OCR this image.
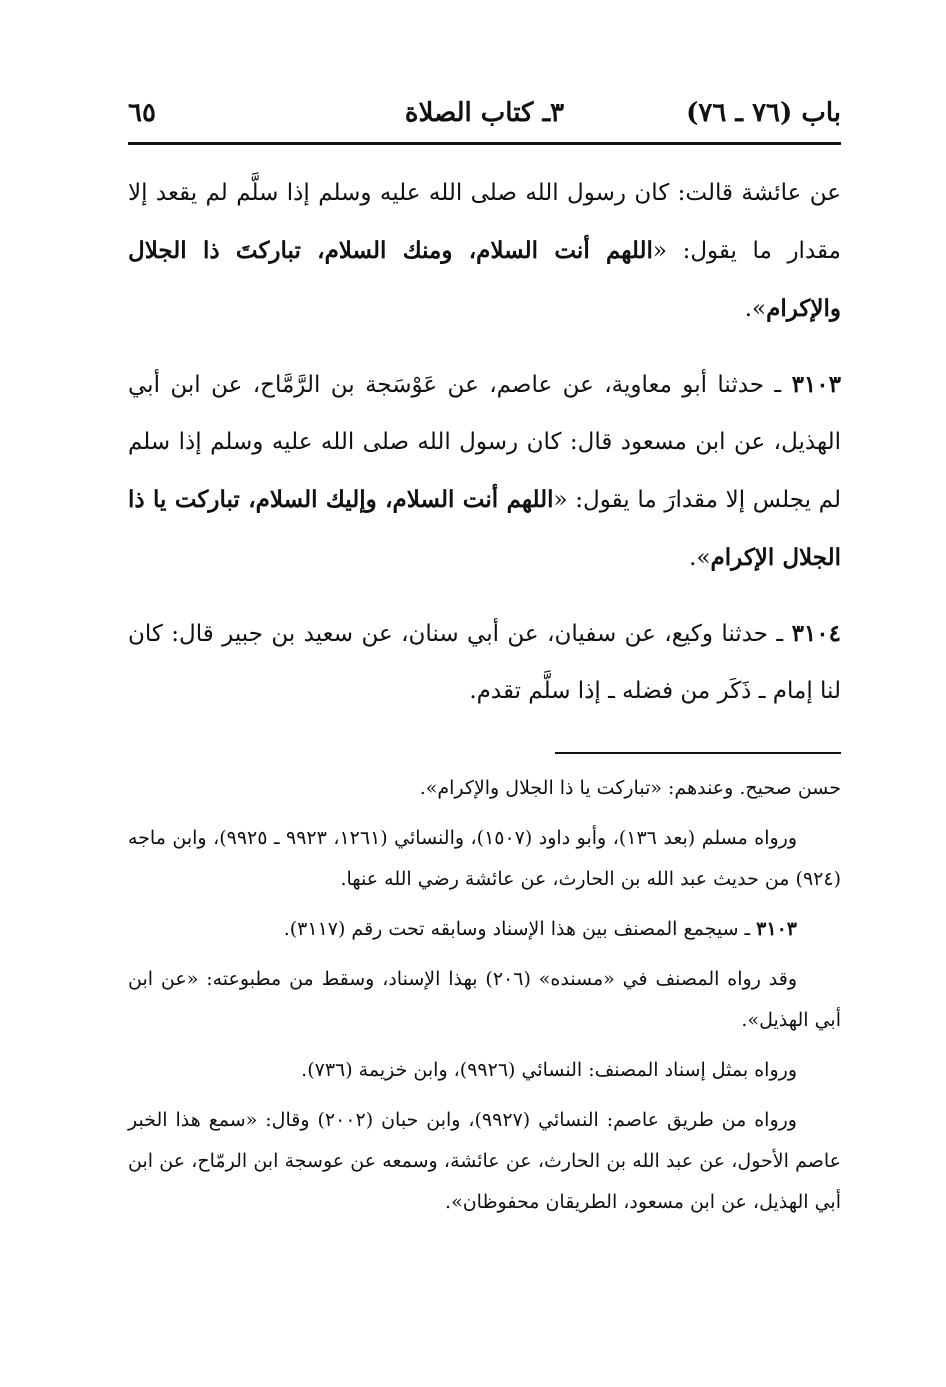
باب (٧٦ ـ ٧٦)
٣ـ كتاب الصلاة
٦٥

عن عائشة قالت: كان رسول الله صلى الله عليه وسلم إذا سلَّم لم يقعد إلا مقدار ما يقول: «اللهم أنت السلام، ومنك السلام، تباركتَ ذا الجلال والإكرام».

٣١٠٣ ـ حدثنا أبو معاوية، عن عاصم، عن عَوْسَجة بن الرَّمَّاح، عن ابن أبي الهذيل، عن ابن مسعود قال: كان رسول الله صلى الله عليه وسلم إذا سلم لم يجلس إلا مقدارَ ما يقول: «اللهم أنت السلام، وإليك السلام، تباركت يا ذا الجلال الإكرام».

٣١٠٤ ـ حدثنا وكيع، عن سفيان، عن أبي سنان، عن سعيد بن جبير قال: كان لنا إمام ـ ذَكَر من فضله ـ إذا سلَّم تقدم.

حسن صحيح. وعندهم: «تباركت يا ذا الجلال والإكرام».

ورواه مسلم (بعد ١٣٦)، وأبو داود (١٥٠٧)، والنسائي (١٢٦١، ٩٩٢٣ ـ ٩٩٢٥)، وابن ماجه (٩٢٤) من حديث عبد الله بن الحارث، عن عائشة رضي الله عنها.

٣١٠٣ ـ سيجمع المصنف بين هذا الإسناد وسابقه تحت رقم (٣١١٧).

وقد رواه المصنف في «مسنده» (٢٠٦) بهذا الإسناد، وسقط من مطبوعته: «عن ابن أبي الهذيل».

ورواه بمثل إسناد المصنف: النسائي (٩٩٢٦)، وابن خزيمة (٧٣٦).

ورواه من طريق عاصم: النسائي (٩٩٢٧)، وابن حبان (٢٠٠٢) وقال: «سمع هذا الخبر عاصم الأحول، عن عبد الله بن الحارث، عن عائشة، وسمعه عن عوسجة ابن الرمّاح، عن ابن أبي الهذيل، عن ابن مسعود، الطريقان محفوظان».
